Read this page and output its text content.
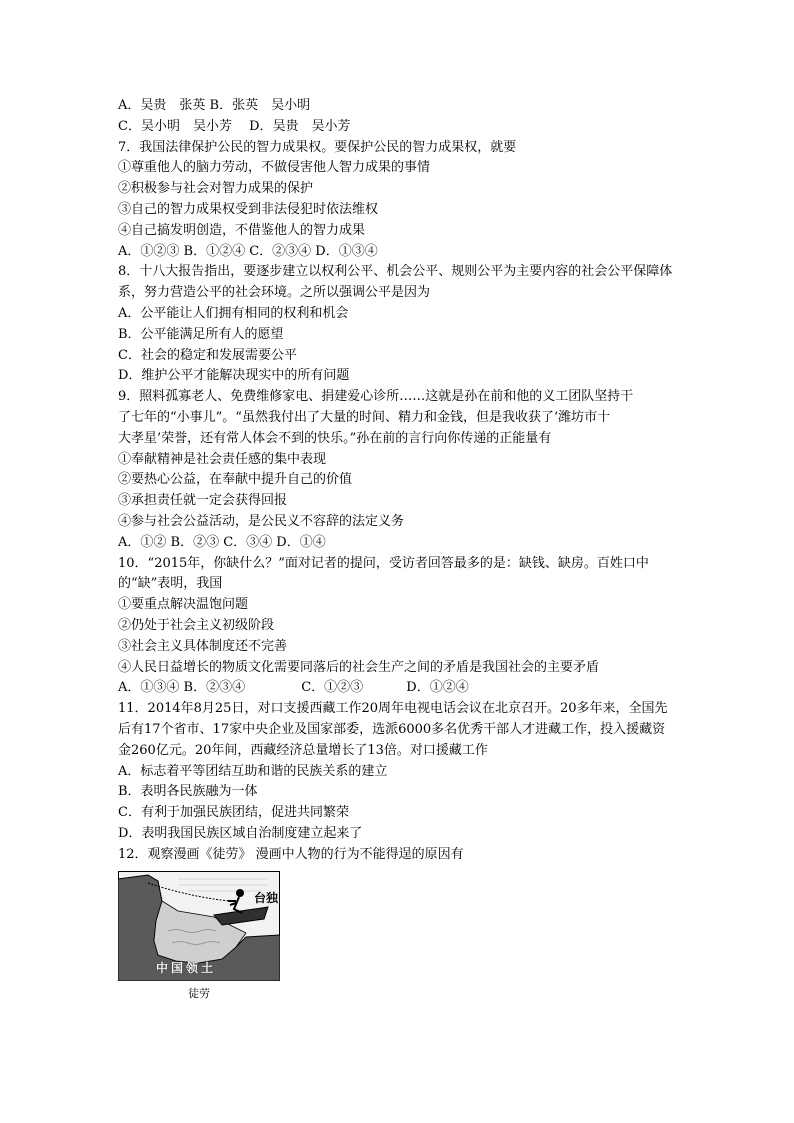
A．吴贵　张英 B．张英　吴小明
C．吴小明　吴小芳　 D．吴贵　吴小芳
7．我国法律保护公民的智力成果权。要保护公民的智力成果权，就要
①尊重他人的脑力劳动，不做侵害他人智力成果的事情
②积极参与社会对智力成果的保护
③自己的智力成果权受到非法侵犯时依法维权
④自己搞发明创造，不借鉴他人的智力成果
A．①②③ B．①②④ C．②③④ D．①③④
8．十八大报告指出，要逐步建立以权利公平、机会公平、规则公平为主要内容的社会公平保障体系，努力营造公平的社会环境。之所以强调公平是因为
A．公平能让人们拥有相同的权利和机会
B．公平能满足所有人的愿望
C．社会的稳定和发展需要公平
D．维护公平才能解决现实中的所有问题
9．照料孤寡老人、免费维修家电、捐建爱心诊所……这就是孙在前和他的义工团队坚持干
了七年的“小事儿”。“虽然我付出了大量的时间、精力和金钱，但是我收获了‘潍坊市十
大孝星’荣誉，还有常人体会不到的快乐。”孙在前的言行向你传递的正能量有
①奉献精神是社会责任感的集中表现
②要热心公益，在奉献中提升自己的价值
③承担责任就一定会获得回报
④参与社会公益活动，是公民义不容辞的法定义务
A．①② B．②③ C．③④ D．①④
10．“2015年，你缺什么？”面对记者的提问，受访者回答最多的是：缺钱、缺房。百姓口中的“缺”表明，我国
①要重点解决温饱问题
②仍处于社会主义初级阶段
③社会主义具体制度还不完善
④人民日益增长的物质文化需要同落后的社会生产之间的矛盾是我国社会的主要矛盾
A．①③④ B．②③④　　　　 C．①②③　　　 D．①②④
11．2014年8月25日，对口支援西藏工作20周年电视电话会议在北京召开。20多年来，全国先后有17个省市、17家中央企业及国家部委，选派6000多名优秀干部人才进藏工作，投入援藏资金260亿元。20年间，西藏经济总量增长了13倍。对口援藏工作
A．标志着平等团结互助和谐的民族关系的建立
B．表明各民族融为一体
C．有利于加强民族团结，促进共同繁荣
D．表明我国民族区域自治制度建立起来了
12．观察漫画《徒劳》 漫画中人物的行为不能得逞的原因有
中国领土
台独
徒劳
